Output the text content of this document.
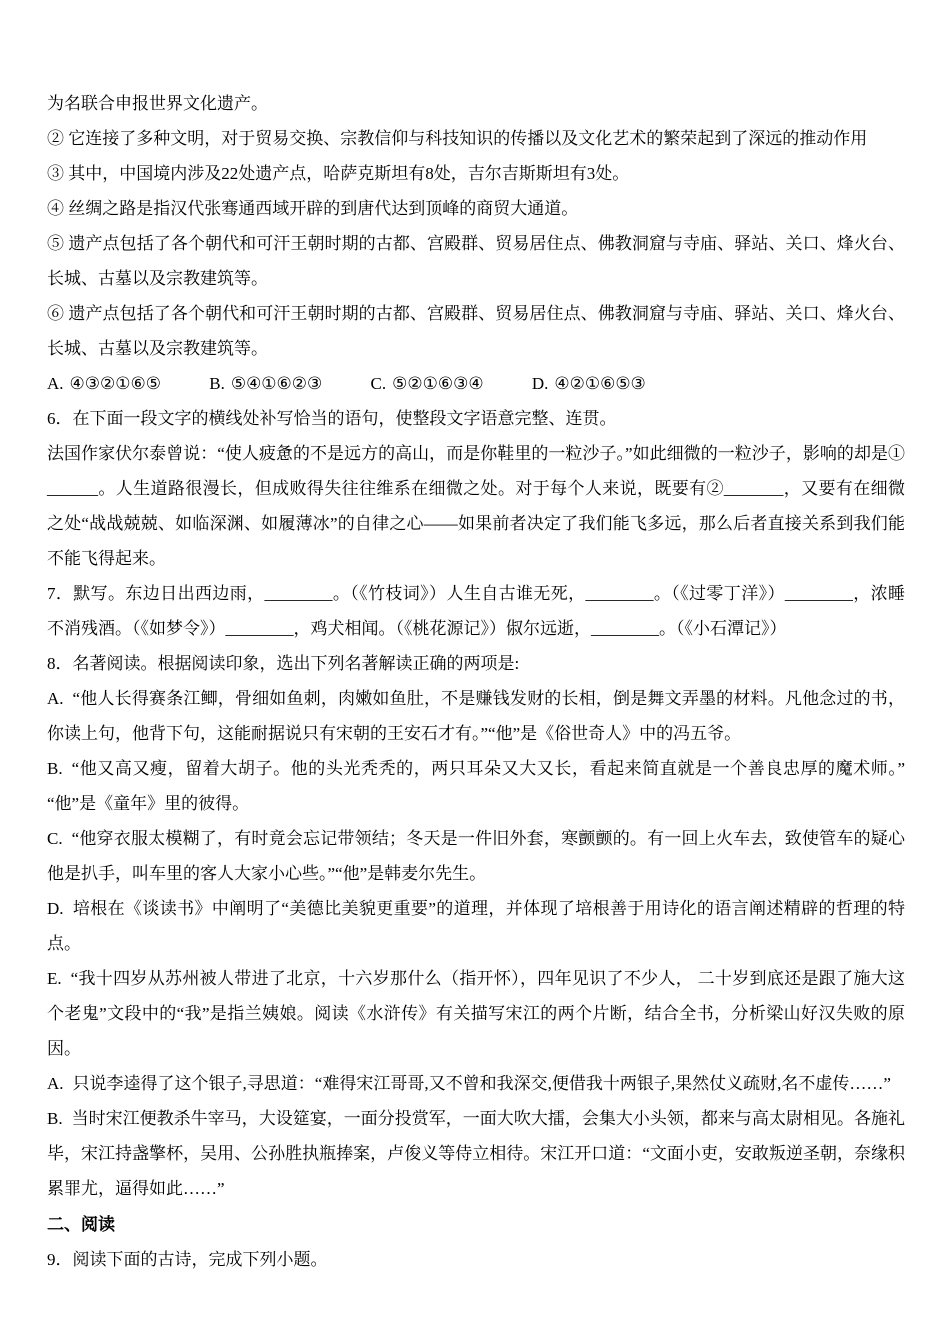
为名联合申报世界文化遗产。

② 它连接了多种文明，对于贸易交换、宗教信仰与科技知识的传播以及文化艺术的繁荣起到了深远的推动作用

③ 其中，中国境内涉及22处遗产点，哈萨克斯坦有8处，吉尔吉斯斯坦有3处。

④ 丝绸之路是指汉代张骞通西域开辟的到唐代达到顶峰的商贸大通道。

⑤ 遗产点包括了各个朝代和可汗王朝时期的古都、宫殿群、贸易居住点、佛教洞窟与寺庙、驿站、关口、烽火台、长城、古墓以及宗教建筑等。

⑥ 遗产点包括了各个朝代和可汗王朝时期的古都、宫殿群、贸易居住点、佛教洞窟与寺庙、驿站、关口、烽火台、长城、古墓以及宗教建筑等。

A. ④③②①⑥⑤	B. ⑤④①⑥②③	C. ⑤②①⑥③④	D. ④②①⑥⑤③

6．在下面一段文字的横线处补写恰当的语句，使整段文字语意完整、连贯。

法国作家伏尔泰曾说：“使人疲惫的不是远方的高山，而是你鞋里的一粒沙子。”如此细微的一粒沙子，影响的却是①______。人生道路很漫长，但成败得失往往维系在细微之处。对于每个人来说，既要有②_______，又要有在细微之处“战战兢兢、如临深渊、如履薄冰”的自律之心——如果前者决定了我们能飞多远，那么后者直接关系到我们能不能飞得起来。

7．默写。东边日出西边雨，________。（《竹枝词》）人生自古谁无死，________。（《过零丁洋》）________，浓睡不消残酒。（《如梦令》）________，鸡犬相闻。（《桃花源记》）俶尔远逝，________。（《小石潭记》）

8．名著阅读。根据阅读印象，选出下列名著解读正确的两项是:

A. “他人长得赛条江鲫，骨细如鱼刺，肉嫩如鱼肚，不是赚钱发财的长相，倒是舞文弄墨的材料。凡他念过的书，你读上句，他背下句，这能耐据说只有宋朝的王安石才有。”“他”是《俗世奇人》中的冯五爷。

B. “他又高又瘦，留着大胡子。他的头光秃秃的，两只耳朵又大又长，看起来简直就是一个善良忠厚的魔术师。”“他”是《童年》里的彼得。

C. “他穿衣服太模糊了，有时竟会忘记带领结；冬天是一件旧外套，寒颤颤的。有一回上火车去，致使管车的疑心他是扒手，叫车里的客人大家小心些。”“他”是韩麦尔先生。

D. 培根在《谈读书》中阐明了“美德比美貌更重要”的道理，并体现了培根善于用诗化的语言阐述精辟的哲理的特点。

E. “我十四岁从苏州被人带进了北京，十六岁那什么（指开怀），四年见识了不少人， 二十岁到底还是跟了施大这个老鬼”文段中的“我”是指兰姨娘。阅读《水浒传》有关描写宋江的两个片断，结合全书，分析梁山好汉失败的原因。

A. 只说李逵得了这个银子,寻思道：“难得宋江哥哥,又不曾和我深交,便借我十两银子,果然仗义疏财,名不虚传……”

B. 当时宋江便教杀牛宰马，大设筵宴，一面分投赏军，一面大吹大擂，会集大小头领，都来与高太尉相见。各施礼毕，宋江持盏擎杯，吴用、公孙胜执瓶捧案，卢俊义等侍立相待。宋江开口道：“文面小吏，安敢叛逆圣朝，奈缘积累罪尤，逼得如此……”

二、阅读

9．阅读下面的古诗，完成下列小题。
